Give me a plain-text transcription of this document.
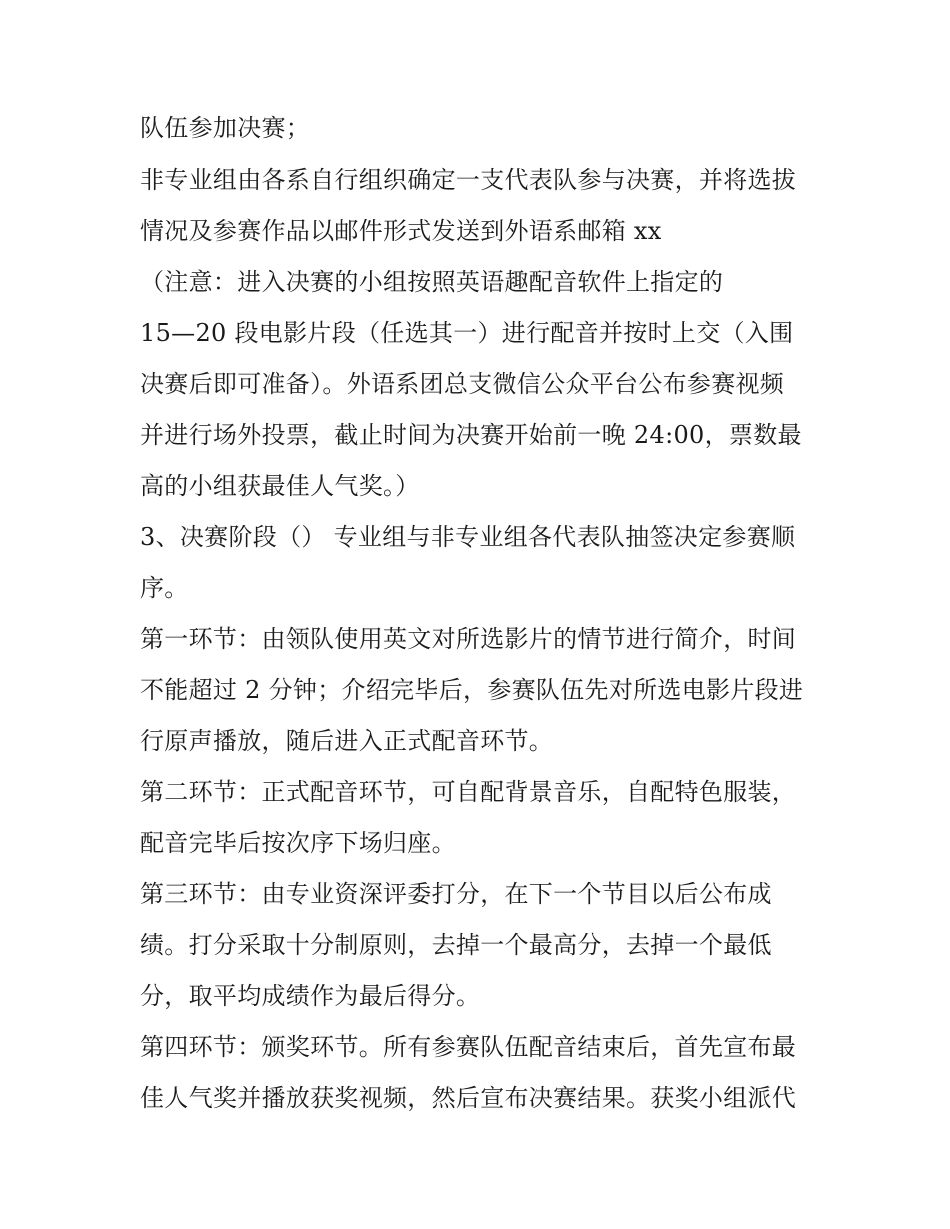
队伍参加决赛；
非专业组由各系自行组织确定一支代表队参与决赛，并将选拔
情况及参赛作品以邮件形式发送到外语系邮箱 xx
（注意：进入决赛的小组按照英语趣配音软件上指定的
15—20 段电影片段（任选其一）进行配音并按时上交（入围
决赛后即可准备）。外语系团总支微信公众平台公布参赛视频
并进行场外投票，截止时间为决赛开始前一晚 24:00，票数最
高的小组获最佳人气奖。）
3、决赛阶段（） 专业组与非专业组各代表队抽签决定参赛顺
序。
第一环节：由领队使用英文对所选影片的情节进行简介，时间
不能超过 2 分钟；介绍完毕后，参赛队伍先对所选电影片段进
行原声播放，随后进入正式配音环节。
第二环节：正式配音环节，可自配背景音乐，自配特色服装，
配音完毕后按次序下场归座。
第三环节：由专业资深评委打分，在下一个节目以后公布成
绩。打分采取十分制原则，去掉一个最高分，去掉一个最低
分，取平均成绩作为最后得分。
第四环节：颁奖环节。所有参赛队伍配音结束后，首先宣布最
佳人气奖并播放获奖视频，然后宣布决赛结果。获奖小组派代
